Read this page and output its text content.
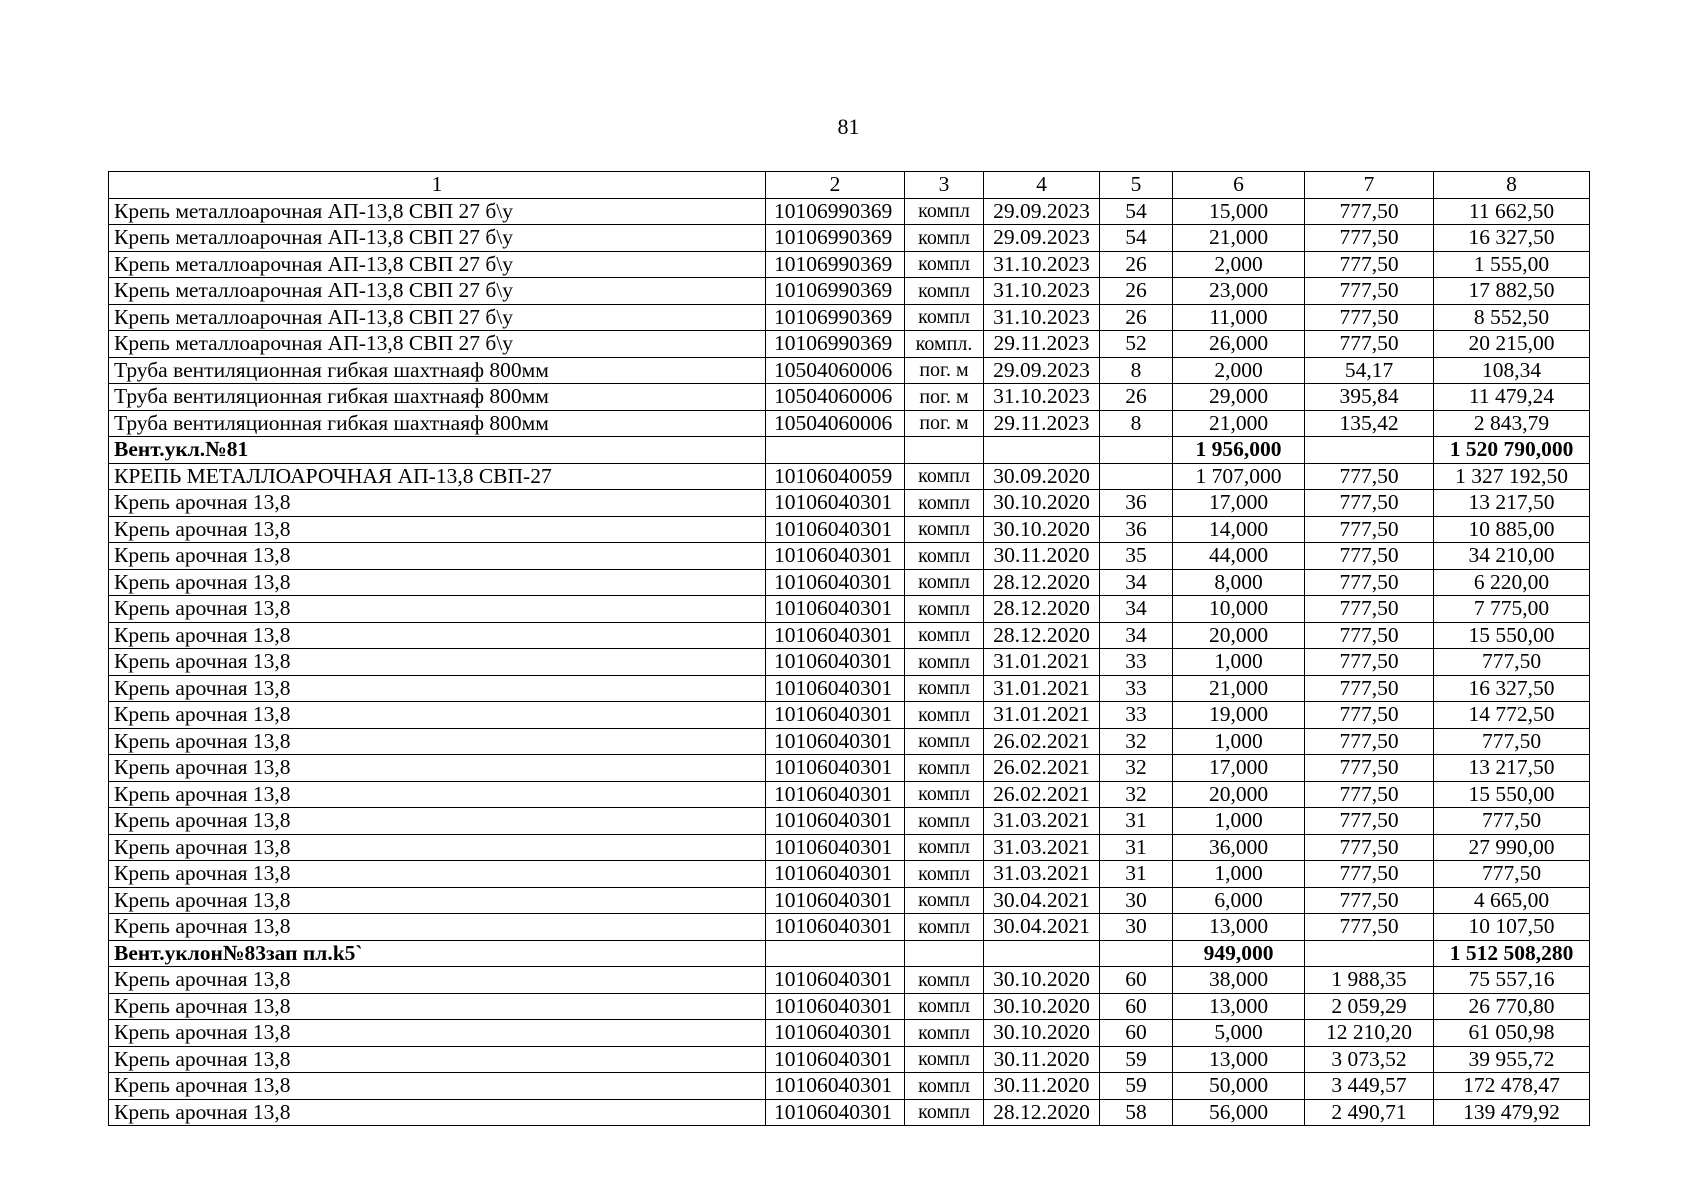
81
1	2	3	4	5	6	7	8
Крепь металлоарочная АП-13,8 СВП 27 б\у	10106990369	компл	29.09.2023	54	15,000	777,50	11 662,50
Крепь металлоарочная АП-13,8 СВП 27 б\у	10106990369	компл	29.09.2023	54	21,000	777,50	16 327,50
Крепь металлоарочная АП-13,8 СВП 27 б\у	10106990369	компл	31.10.2023	26	2,000	777,50	1 555,00
Крепь металлоарочная АП-13,8 СВП 27 б\у	10106990369	компл	31.10.2023	26	23,000	777,50	17 882,50
Крепь металлоарочная АП-13,8 СВП 27 б\у	10106990369	компл	31.10.2023	26	11,000	777,50	8 552,50
Крепь металлоарочная АП-13,8 СВП 27 б\у	10106990369	компл.	29.11.2023	52	26,000	777,50	20 215,00
Труба вентиляционная гибкая шахтнаяф 800мм	10504060006	пог. м	29.09.2023	8	2,000	54,17	108,34
Труба вентиляционная гибкая шахтнаяф 800мм	10504060006	пог. м	31.10.2023	26	29,000	395,84	11 479,24
Труба вентиляционная гибкая шахтнаяф 800мм	10504060006	пог. м	29.11.2023	8	21,000	135,42	2 843,79
Вент.укл.№81					1 956,000		1 520 790,000
КРЕПЬ МЕТАЛЛОАРОЧНАЯ АП-13,8 СВП-27	10106040059	компл	30.09.2020		1 707,000	777,50	1 327 192,50
Крепь арочная 13,8	10106040301	компл	30.10.2020	36	17,000	777,50	13 217,50
Крепь арочная 13,8	10106040301	компл	30.10.2020	36	14,000	777,50	10 885,00
Крепь арочная 13,8	10106040301	компл	30.11.2020	35	44,000	777,50	34 210,00
Крепь арочная 13,8	10106040301	компл	28.12.2020	34	8,000	777,50	6 220,00
Крепь арочная 13,8	10106040301	компл	28.12.2020	34	10,000	777,50	7 775,00
Крепь арочная 13,8	10106040301	компл	28.12.2020	34	20,000	777,50	15 550,00
Крепь арочная 13,8	10106040301	компл	31.01.2021	33	1,000	777,50	777,50
Крепь арочная 13,8	10106040301	компл	31.01.2021	33	21,000	777,50	16 327,50
Крепь арочная 13,8	10106040301	компл	31.01.2021	33	19,000	777,50	14 772,50
Крепь арочная 13,8	10106040301	компл	26.02.2021	32	1,000	777,50	777,50
Крепь арочная 13,8	10106040301	компл	26.02.2021	32	17,000	777,50	13 217,50
Крепь арочная 13,8	10106040301	компл	26.02.2021	32	20,000	777,50	15 550,00
Крепь арочная 13,8	10106040301	компл	31.03.2021	31	1,000	777,50	777,50
Крепь арочная 13,8	10106040301	компл	31.03.2021	31	36,000	777,50	27 990,00
Крепь арочная 13,8	10106040301	компл	31.03.2021	31	1,000	777,50	777,50
Крепь арочная 13,8	10106040301	компл	30.04.2021	30	6,000	777,50	4 665,00
Крепь арочная 13,8	10106040301	компл	30.04.2021	30	13,000	777,50	10 107,50
Вент.уклон№83зап пл.k5`					949,000		1 512 508,280
Крепь арочная 13,8	10106040301	компл	30.10.2020	60	38,000	1 988,35	75 557,16
Крепь арочная 13,8	10106040301	компл	30.10.2020	60	13,000	2 059,29	26 770,80
Крепь арочная 13,8	10106040301	компл	30.10.2020	60	5,000	12 210,20	61 050,98
Крепь арочная 13,8	10106040301	компл	30.11.2020	59	13,000	3 073,52	39 955,72
Крепь арочная 13,8	10106040301	компл	30.11.2020	59	50,000	3 449,57	172 478,47
Крепь арочная 13,8	10106040301	компл	28.12.2020	58	56,000	2 490,71	139 479,92
